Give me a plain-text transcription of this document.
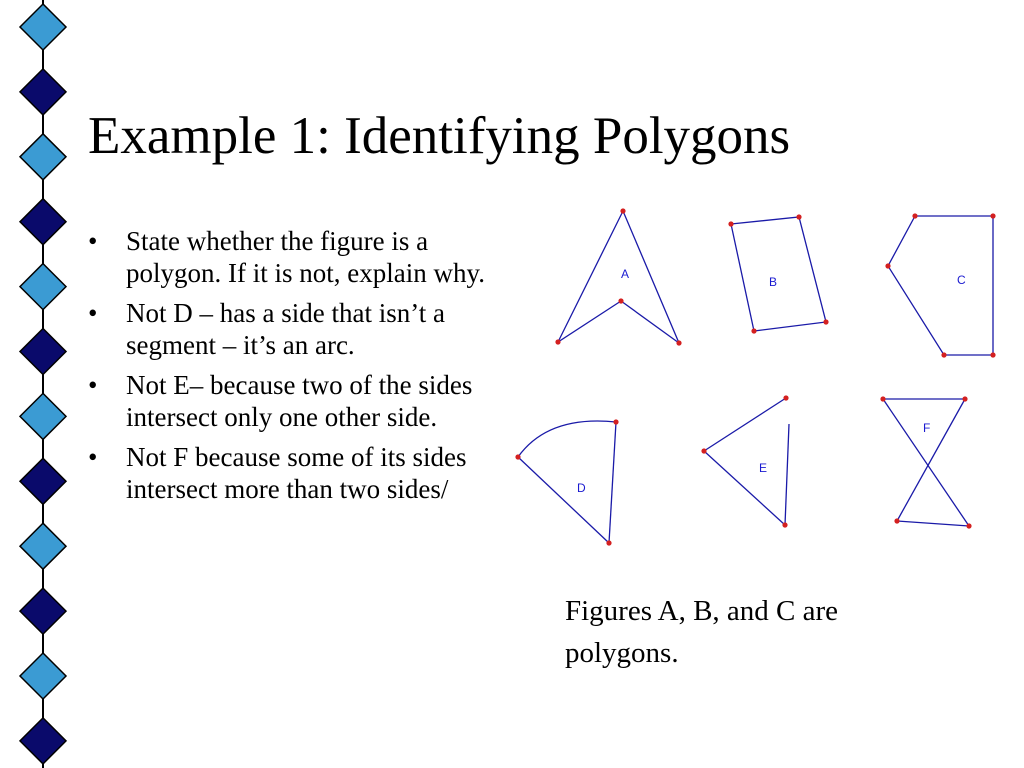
Example 1: Identifying Polygons
• State whether the figure is a polygon. If it is not, explain why.
• Not D – has a side that isn’t a segment – it’s an arc.
• Not E– because two of the sides intersect only one other side.
• Not F because some of its sides intersect more than two sides/
A
B	C
D
E
F
Figures A, B, and C are polygons.
